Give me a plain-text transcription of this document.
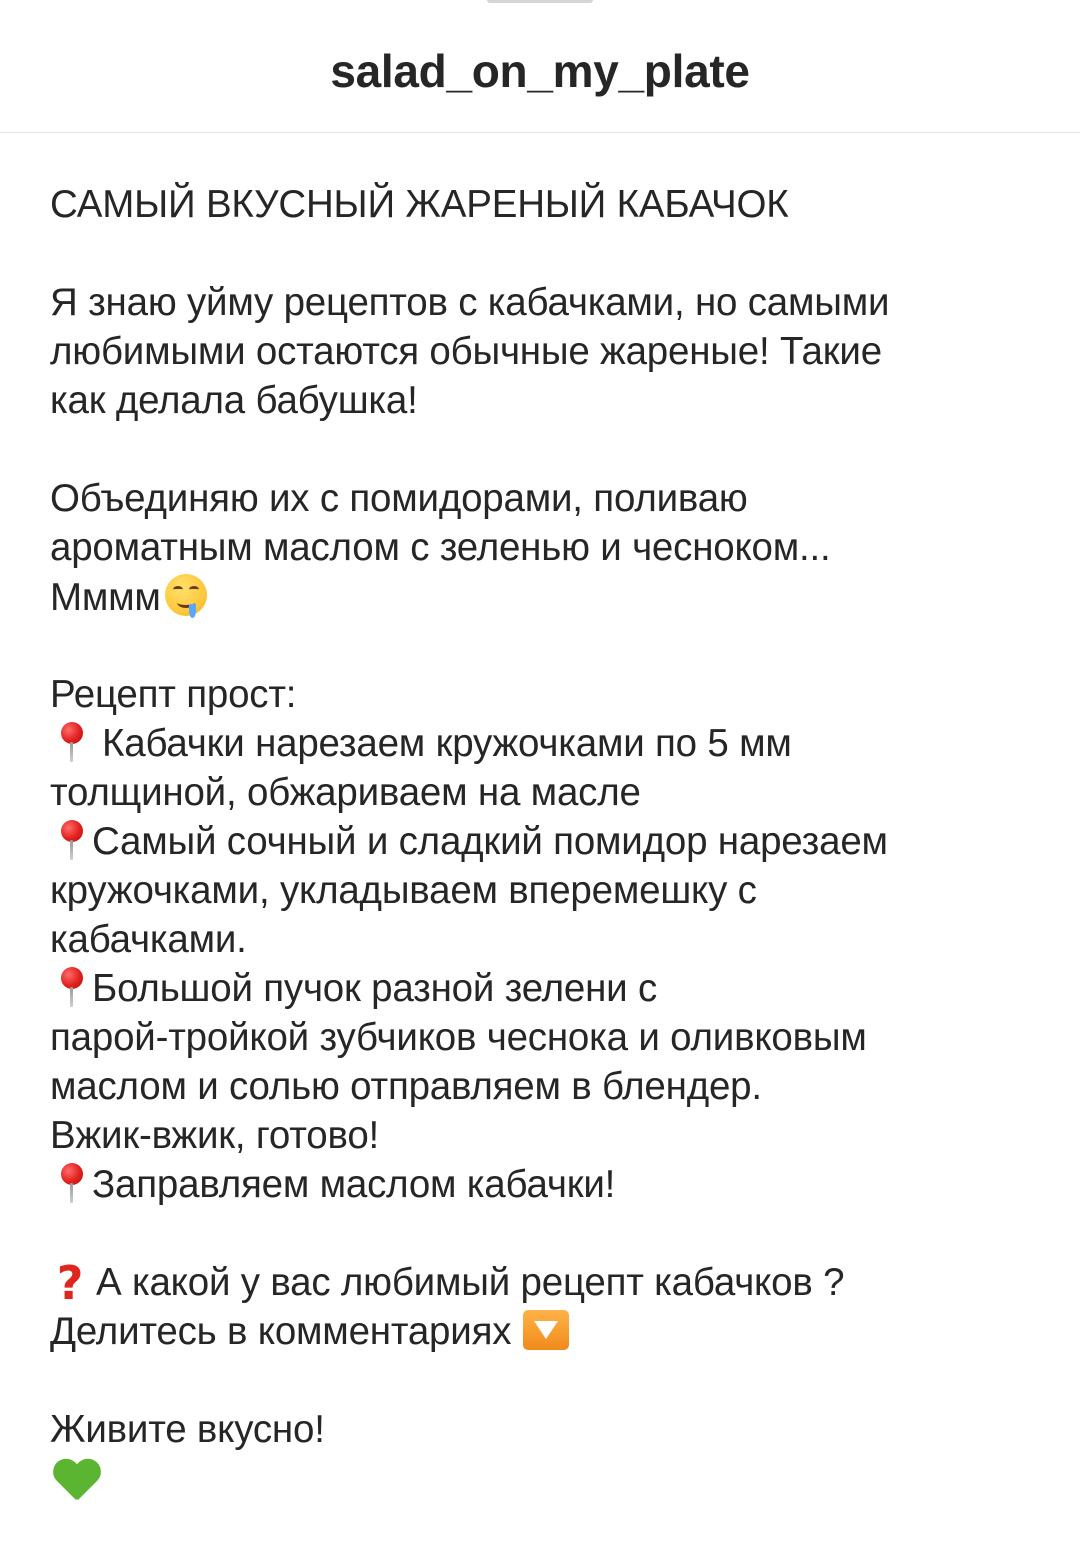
salad_on_my_plate
САМЫЙ ВКУСНЫЙ ЖАРЕНЫЙ КАБАЧОК
Я знаю уйму рецептов с кабачками, но самыми
любимыми остаются обычные жареные! Такие
как делала бабушка!
Объединяю их с помидорами, поливаю
ароматным маслом с зеленью и чесноком...
Мммм
Рецепт прост:
Кабачки нарезаем кружочками по 5 мм
толщиной, обжариваем на масле
Самый сочный и сладкий помидор нарезаем
кружочками, укладываем вперемешку с
кабачками.
Большой пучок разной зелени с
парой-тройкой зубчиков чеснока и оливковым
маслом и солью отправляем в блендер.
Вжик-вжик, готово!
Заправляем маслом кабачки!
? А какой у вас любимый рецепт кабачков ?
Делитесь в комментариях
Живите вкусно!
